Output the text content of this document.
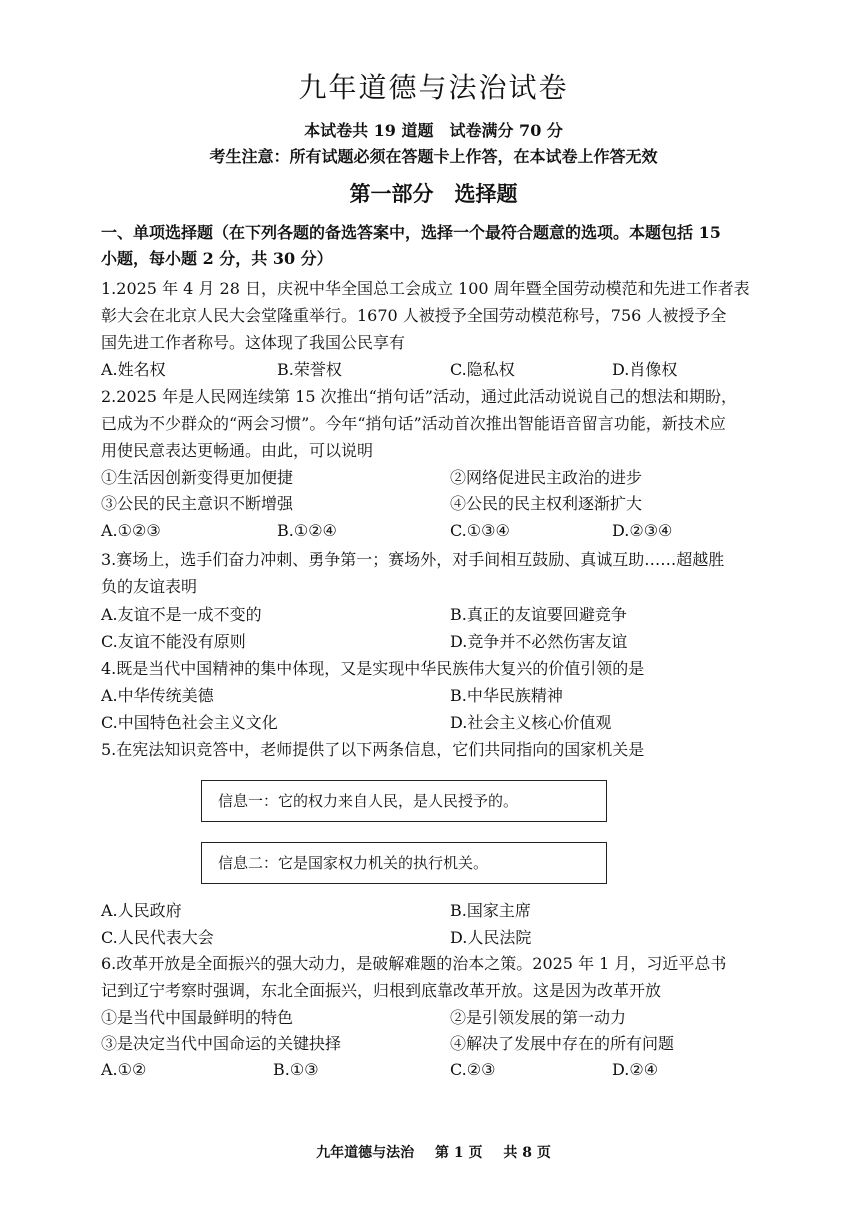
九年道德与法治试卷
本试卷共 19 道题　试卷满分 70 分
考生注意：所有试题必须在答题卡上作答，在本试卷上作答无效
第一部分　选择题
一、单项选择题（在下列各题的备选答案中，选择一个最符合题意的选项。本题包括 15
小题，每小题 2 分，共 30 分）
1.2025 年 4 月 28 日，庆祝中华全国总工会成立 100 周年暨全国劳动模范和先进工作者表
彰大会在北京人民大会堂隆重举行。1670 人被授予全国劳动模范称号，756 人被授予全
国先进工作者称号。这体现了我国公民享有
A.姓名权	B.荣誉权	C.隐私权	D.肖像权
2.2025 年是人民网连续第 15 次推出“捎句话”活动，通过此活动说说自己的想法和期盼，
已成为不少群众的“两会习惯”。今年“捎句话”活动首次推出智能语音留言功能，新技术应
用使民意表达更畅通。由此，可以说明
①生活因创新变得更加便捷	②网络促进民主政治的进步
③公民的民主意识不断增强	④公民的民主权利逐渐扩大
A.①②③	B.①②④	C.①③④	D.②③④
3.赛场上，选手们奋力冲刺、勇争第一；赛场外，对手间相互鼓励、真诚互助……超越胜
负的友谊表明
A.友谊不是一成不变的	B.真正的友谊要回避竞争
C.友谊不能没有原则	D.竞争并不必然伤害友谊
4.既是当代中国精神的集中体现，又是实现中华民族伟大复兴的价值引领的是
A.中华传统美德	B.中华民族精神
C.中国特色社会主义文化	D.社会主义核心价值观
5.在宪法知识竞答中，老师提供了以下两条信息，它们共同指向的国家机关是
信息一：它的权力来自人民，是人民授予的。
信息二：它是国家权力机关的执行机关。
A.人民政府	B.国家主席
C.人民代表大会	D.人民法院
6.改革开放是全面振兴的强大动力，是破解难题的治本之策。2025 年 1 月，习近平总书
记到辽宁考察时强调，东北全面振兴，归根到底靠改革开放。这是因为改革开放
①是当代中国最鲜明的特色	②是引领发展的第一动力
③是决定当代中国命运的关键抉择	④解决了发展中存在的所有问题
A.①②	B.①③	C.②③	D.②④
九年道德与法治 第 1 页 共 8 页
